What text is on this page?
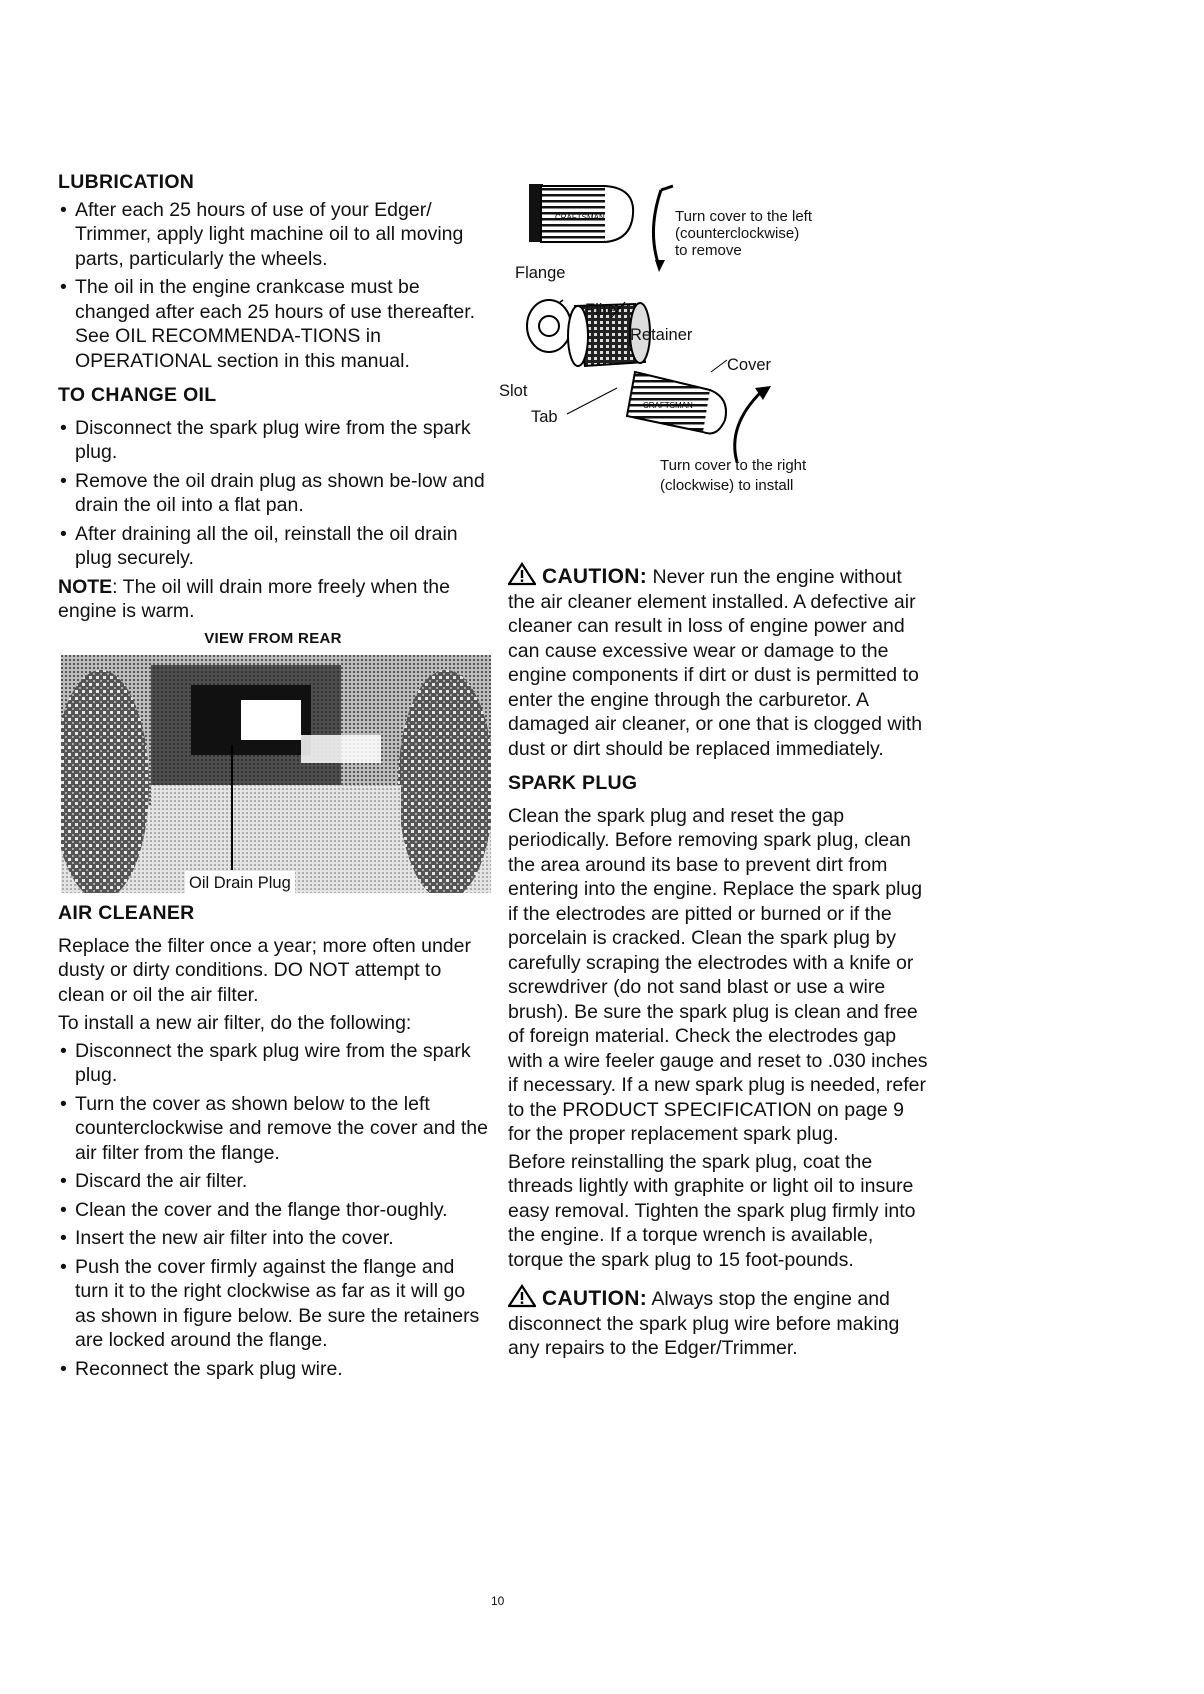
LUBRICATION
• After each 25 hours of use of your Edger/ Trimmer, apply light machine oil to all moving parts, particularly the wheels.
• The oil in the engine crankcase must be changed after each 25 hours of use thereafter. See OIL RECOMMENDA-TIONS in OPERATIONAL section in this manual.
TO CHANGE OIL
• Disconnect the spark plug wire from the spark plug.
• Remove the oil drain plug as shown be-low and drain the oil into a flat pan.
• After draining all the oil, reinstall the oil drain plug securely.

NOTE: The oil will drain more freely when the engine is warm.

VIEW FROM REAR
Oil Drain Plug
AIR CLEANER

Replace the filter once a year; more often under dusty or dirty conditions. DO NOT attempt to clean or oil the air filter.

To install a new air filter, do the following:

• Disconnect the spark plug wire from the spark plug.
• Turn the cover as shown below to the left counterclockwise and remove the cover and the air filter from the flange.
• Discard the air filter.
• Clean the cover and the flange thor-oughly.
• Insert the new air filter into the cover.
• Push the cover firmly against the flange and turn it to the right clockwise as far as it will go as shown in figure below. Be sure the retainers are locked around the flange.
• Reconnect the spark plug wire.
CRAFTSMAN
CRAFTSMAN
Turn cover to the left
(counterclockwise)
to remove
Flange
Filter
Retainer
Cover
Slot
Tab
Turn cover to the right
(clockwise) to install

CAUTION: Never run the engine without the air cleaner element installed. A defective air cleaner can result in loss of engine power and can cause excessive wear or damage to the engine components if dirt or dust is permitted to enter the engine through the carburetor. A damaged air cleaner, or one that is clogged with dust or dirt should be replaced immediately.

SPARK PLUG

Clean the spark plug and reset the gap periodically. Before removing spark plug, clean the area around its base to prevent dirt from entering into the engine. Replace the spark plug if the electrodes are pitted or burned or if the porcelain is cracked. Clean the spark plug by carefully scraping the electrodes with a knife or screwdriver (do not sand blast or use a wire brush). Be sure the spark plug is clean and free of foreign material. Check the electrodes gap with a wire feeler gauge and reset to .030 inches if necessary. If a new spark plug is needed, refer to the PRODUCT SPECIFICATION on page 9 for the proper replacement spark plug.

Before reinstalling the spark plug, coat the threads lightly with graphite or light oil to insure easy removal. Tighten the spark plug firmly into the engine. If a torque wrench is available, torque the spark plug to 15 foot-pounds.

CAUTION: Always stop the engine and disconnect the spark plug wire before making any repairs to the Edger/Trimmer.

10
